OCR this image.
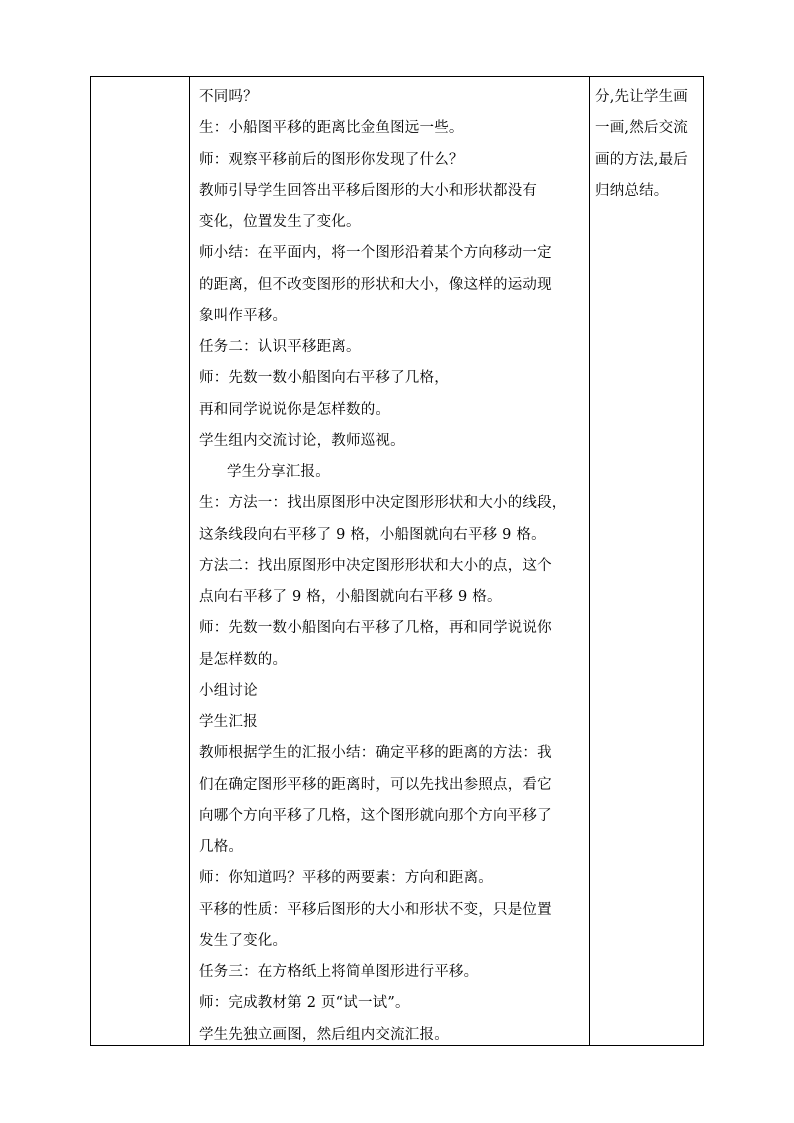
不同吗？
生：小船图平移的距离比金鱼图远一些。
师：观察平移前后的图形你发现了什么？
教师引导学生回答出平移后图形的大小和形状都没有
变化，位置发生了变化。
师小结：在平面内，将一个图形沿着某个方向移动一定
的距离，但不改变图形的形状和大小，像这样的运动现
象叫作平移。
任务二：认识平移距离。
师：先数一数小船图向右平移了几格，
再和同学说说你是怎样数的。
学生组内交流讨论，教师巡视。
学生分享汇报。
生：方法一：找出原图形中决定图形形状和大小的线段，
这条线段向右平移了 9 格，小船图就向右平移 9 格。
方法二：找出原图形中决定图形形状和大小的点，这个
点向右平移了 9 格，小船图就向右平移 9 格。
师：先数一数小船图向右平移了几格，再和同学说说你
是怎样数的。
小组讨论
学生汇报
教师根据学生的汇报小结：确定平移的距离的方法：我
们在确定图形平移的距离时，可以先找出参照点，看它
向哪个方向平移了几格，这个图形就向那个方向平移了
几格。
师：你知道吗？平移的两要素：方向和距离。
平移的性质：平移后图形的大小和形状不变，只是位置
发生了变化。
任务三：在方格纸上将简单图形进行平移。
师：完成教材第 2 页“试一试”。
学生先独立画图，然后组内交流汇报。
分,先让学生画
一画,然后交流
画的方法,最后
归纳总结。
